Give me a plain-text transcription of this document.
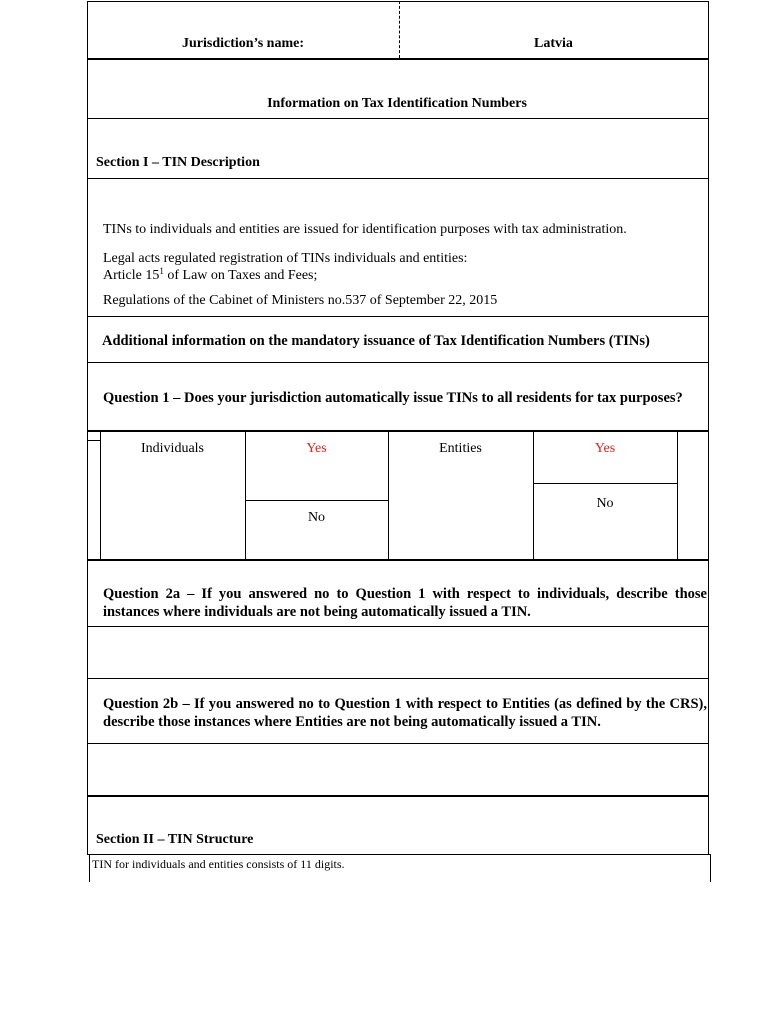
Jurisdiction’s name:	Latvia
Information on Tax Identification Numbers
Section I – TIN Description
TINs to individuals and entities are issued for identification purposes with tax administration.
Legal acts regulated registration of TINs individuals and entities:
Article $15^1$ of Law on Taxes and Fees;
Regulations of the Cabinet of Ministers no.537 of September 22, 2015
Additional information on the mandatory issuance of Tax Identification Numbers (TINs)
Question 1 – Does your jurisdiction automatically issue TINs to all residents for tax purposes?
Individuals	Yes
No
Entities	Yes
No
Question 2a – If you answered no to Question 1 with respect to individuals, describe those instances where individuals are not being automatically issued a TIN.
Question 2b – If you answered no to Question 1 with respect to Entities (as defined by the CRS), describe those instances where Entities are not being automatically issued a TIN.
Section II – TIN Structure
TIN for individuals and entities consists of 11 digits.
